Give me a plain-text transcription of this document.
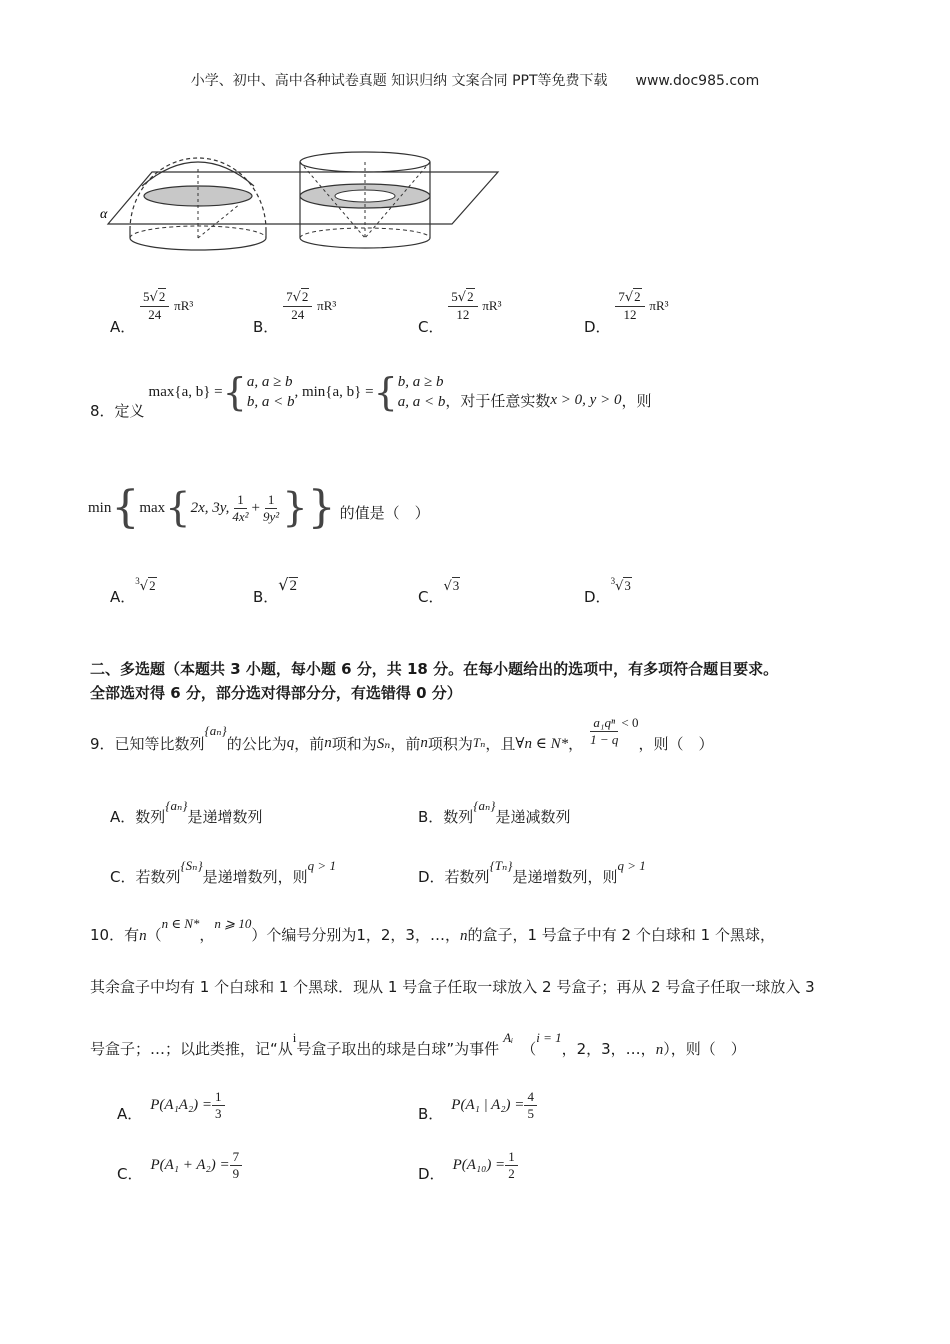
小学、初中、高中各种试卷真题 知识归纳 文案合同 PPT等免费下载　　www.doc985.com
α
A．
$\frac{5√2}{24} \pi R^3$
B．
$\frac{7√2}{24} \pi R^3$
C．
$\frac{5√2}{12} \pi R^3$
D．
$\frac{7√2}{12} \pi R^3$
8．定义
max{a, b} = { a, a ≥ b
b, a < b
, min{a, b} = { b, a ≥ b
a, a < b ，对于任意实数 x > 0, y > 0 ，则
min { max { 2x, 3y, $\frac{1}{\text{4x²}} + \frac{1}{\text{9y²}}$ } } 的值是（　）
A．$^3$√2
B．√2
C．√3
D．$^3$√3
二、多选题（本题共 3 小题，每小题 6 分，共 18 分。在每小题给出的选项中，有多项符合题目要求。
全部选对得 6 分，部分选对得部分分，有选错得 0 分）
9．已知等比数列
{aₙ}
的公比为 q ，前 n 项和为 Sₙ ，前 n 项积为 Tₙ ，且 ∀n ∈ N* ， $\frac{\text{a₁qⁿ}}{1 - q} < 0$
，则（　）
A．数列{aₙ}是递增数列	B．数列{aₙ}是递减数列
C．若数列{Sₙ}是递增数列，则q > 1
D．若数列{Tₙ}是递增数列，则q > 1
10．有n（n ∈ N*，n ⩾ 10）个编号分别为1，2，3，…，n的盒子，1 号盒子中有 2 个白球和 1 个黑球，
其余盒子中均有 1 个白球和 1 个黑球．现从 1 号盒子任取一球放入 2 号盒子；再从 2 号盒子任取一球放入 3
号盒子；…；以此类推，记“从i号盒子取出的球是白球”为事件Aᵢ（i = 1，2，3，…，n），则（　）
A． $P(A_1A_2) = \frac{1}{3}$	B． P(A₁ | $A_2) = \frac{4}{5}$
C． $P(A_1 + A_2) = \frac{7}{9}$	D． $P(A_{10}) = \frac{1}{2}$
